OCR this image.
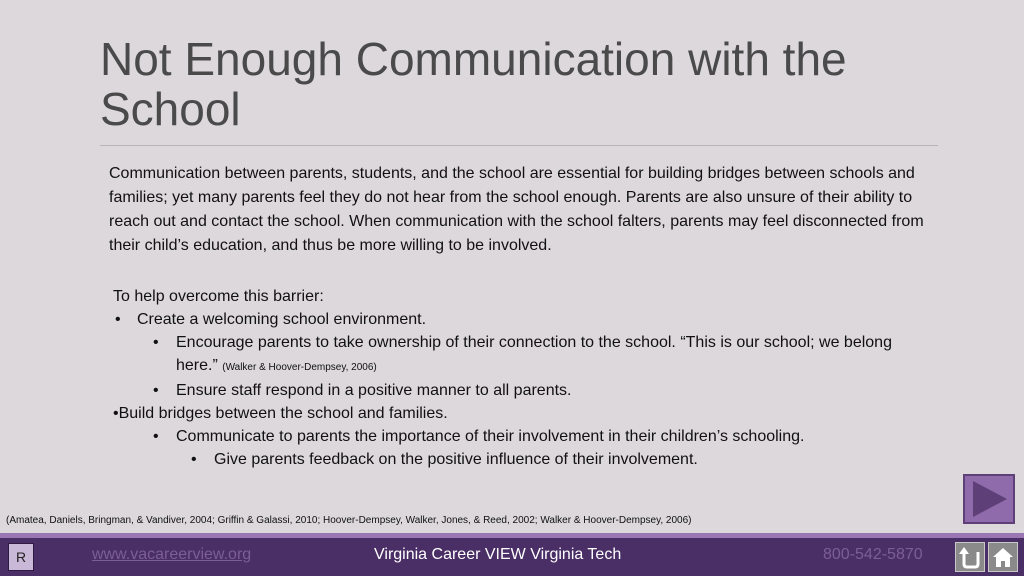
Not Enough Communication with the School

Communication between parents, students, and the school are essential for building bridges between schools and families; yet many parents feel they do not hear from the school enough. Parents are also unsure of their ability to reach out and contact the school. When communication with the school falters, parents may feel disconnected from their child’s education, and thus be more willing to be involved.

To help overcome this barrier:
• Create a welcoming school environment.
• Encourage parents to take ownership of their connection to the school. “This is our school; we belong here.” (Walker & Hoover-Dempsey, 2006)
• Ensure staff respond in a positive manner to all parents.
•Build bridges between the school and families.
• Communicate to parents the importance of their involvement in their children’s schooling.
• Give parents feedback on the positive influence of their involvement.
(Amatea, Daniels, Bringman, & Vandiver, 2004; Griffin & Galassi, 2010; Hoover-Dempsey, Walker, Jones, & Reed, 2002; Walker & Hoover-Dempsey, 2006)
R	www.vacareerview.org	Virginia Career VIEW Virginia Tech	800-542-5870
